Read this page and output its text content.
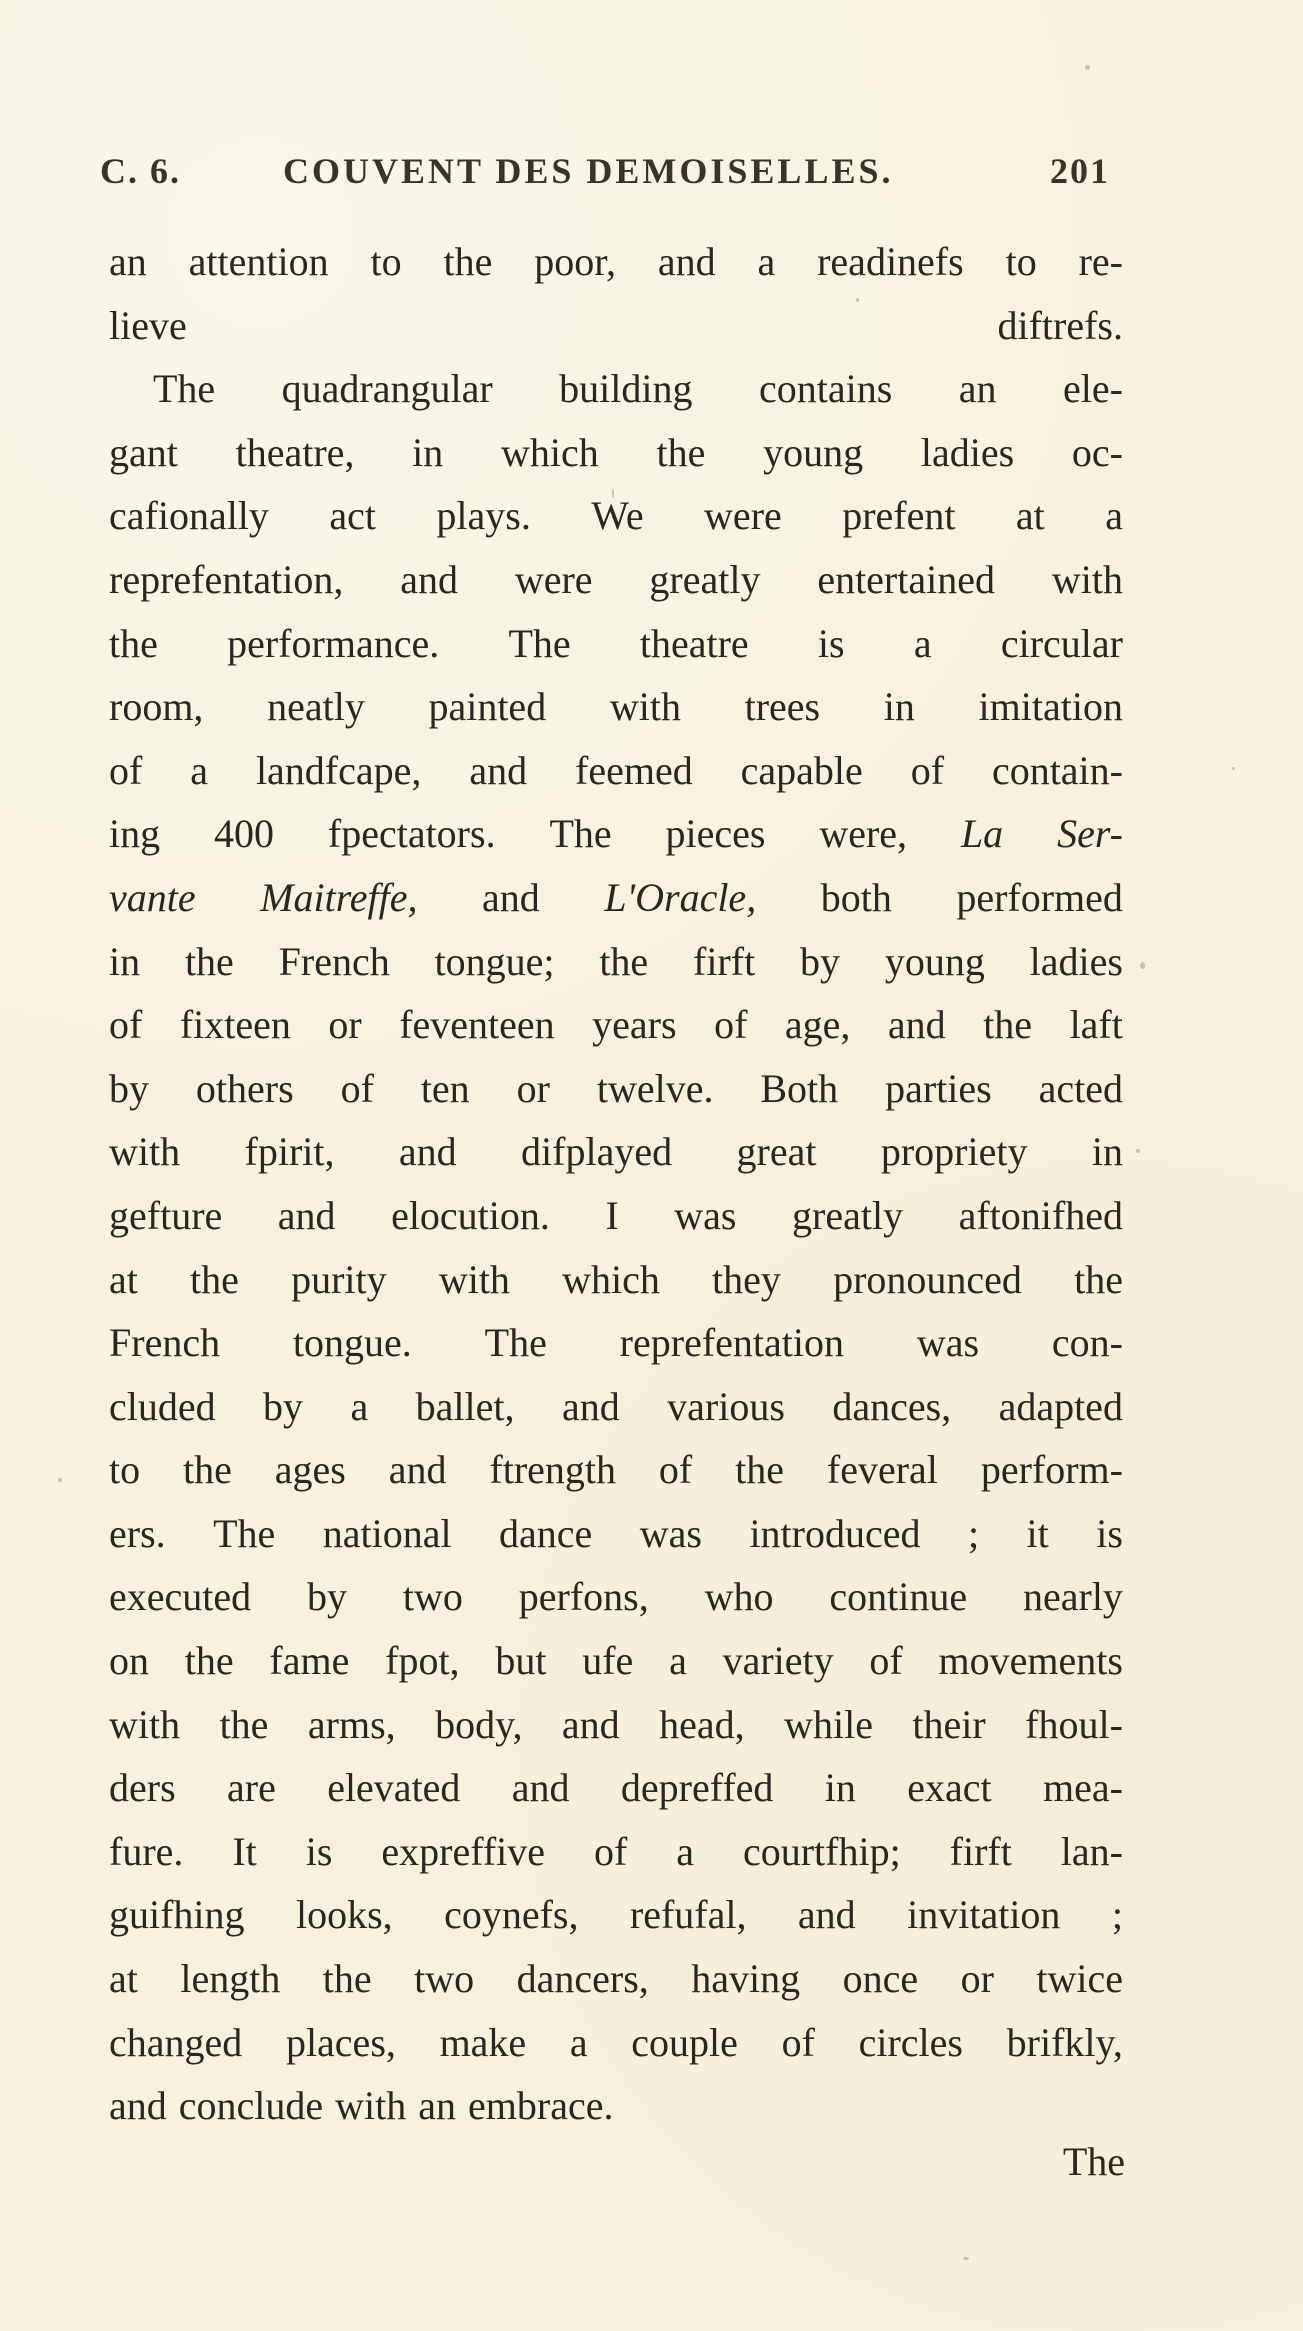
C. 6.	COUVENT DES DEMOISELLES.	201
an attention to the poor, and a readinefs to re-
lieve	diftrefs.
The quadrangular building contains an ele-
gant theatre, in which the young ladies oc-
cafionally act plays. We were prefent at a
reprefentation, and were greatly entertained with
the performance. The theatre is a circular
room, neatly painted with trees in imitation
of a landfcape, and feemed capable of contain-
ing 400 fpectators. The pieces were, La Ser-
vante Maitreffe, and L'Oracle, both performed
in the French tongue; the firft by young ladies
of fixteen or feventeen years of age, and the laft
by others of ten or twelve. Both parties acted
with fpirit, and difplayed great propriety in
gefture and elocution. I was greatly aftonifhed
at the purity with which they pronounced the
French tongue. The reprefentation was con-
cluded by a ballet, and various dances, adapted
to the ages and ftrength of the feveral perform-
ers. The national dance was introduced ; it is
executed by two perfons, who continue nearly
on the fame fpot, but ufe a variety of movements
with the arms, body, and head, while their fhoul-
ders are elevated and depreffed in exact mea-
fure. It is expreffive of a courtfhip; firft lan-
guifhing looks, coynefs, refufal, and invitation ;
at length the two dancers, having once or twice
changed places, make a couple of circles brifkly,
and conclude with an embrace.
The
